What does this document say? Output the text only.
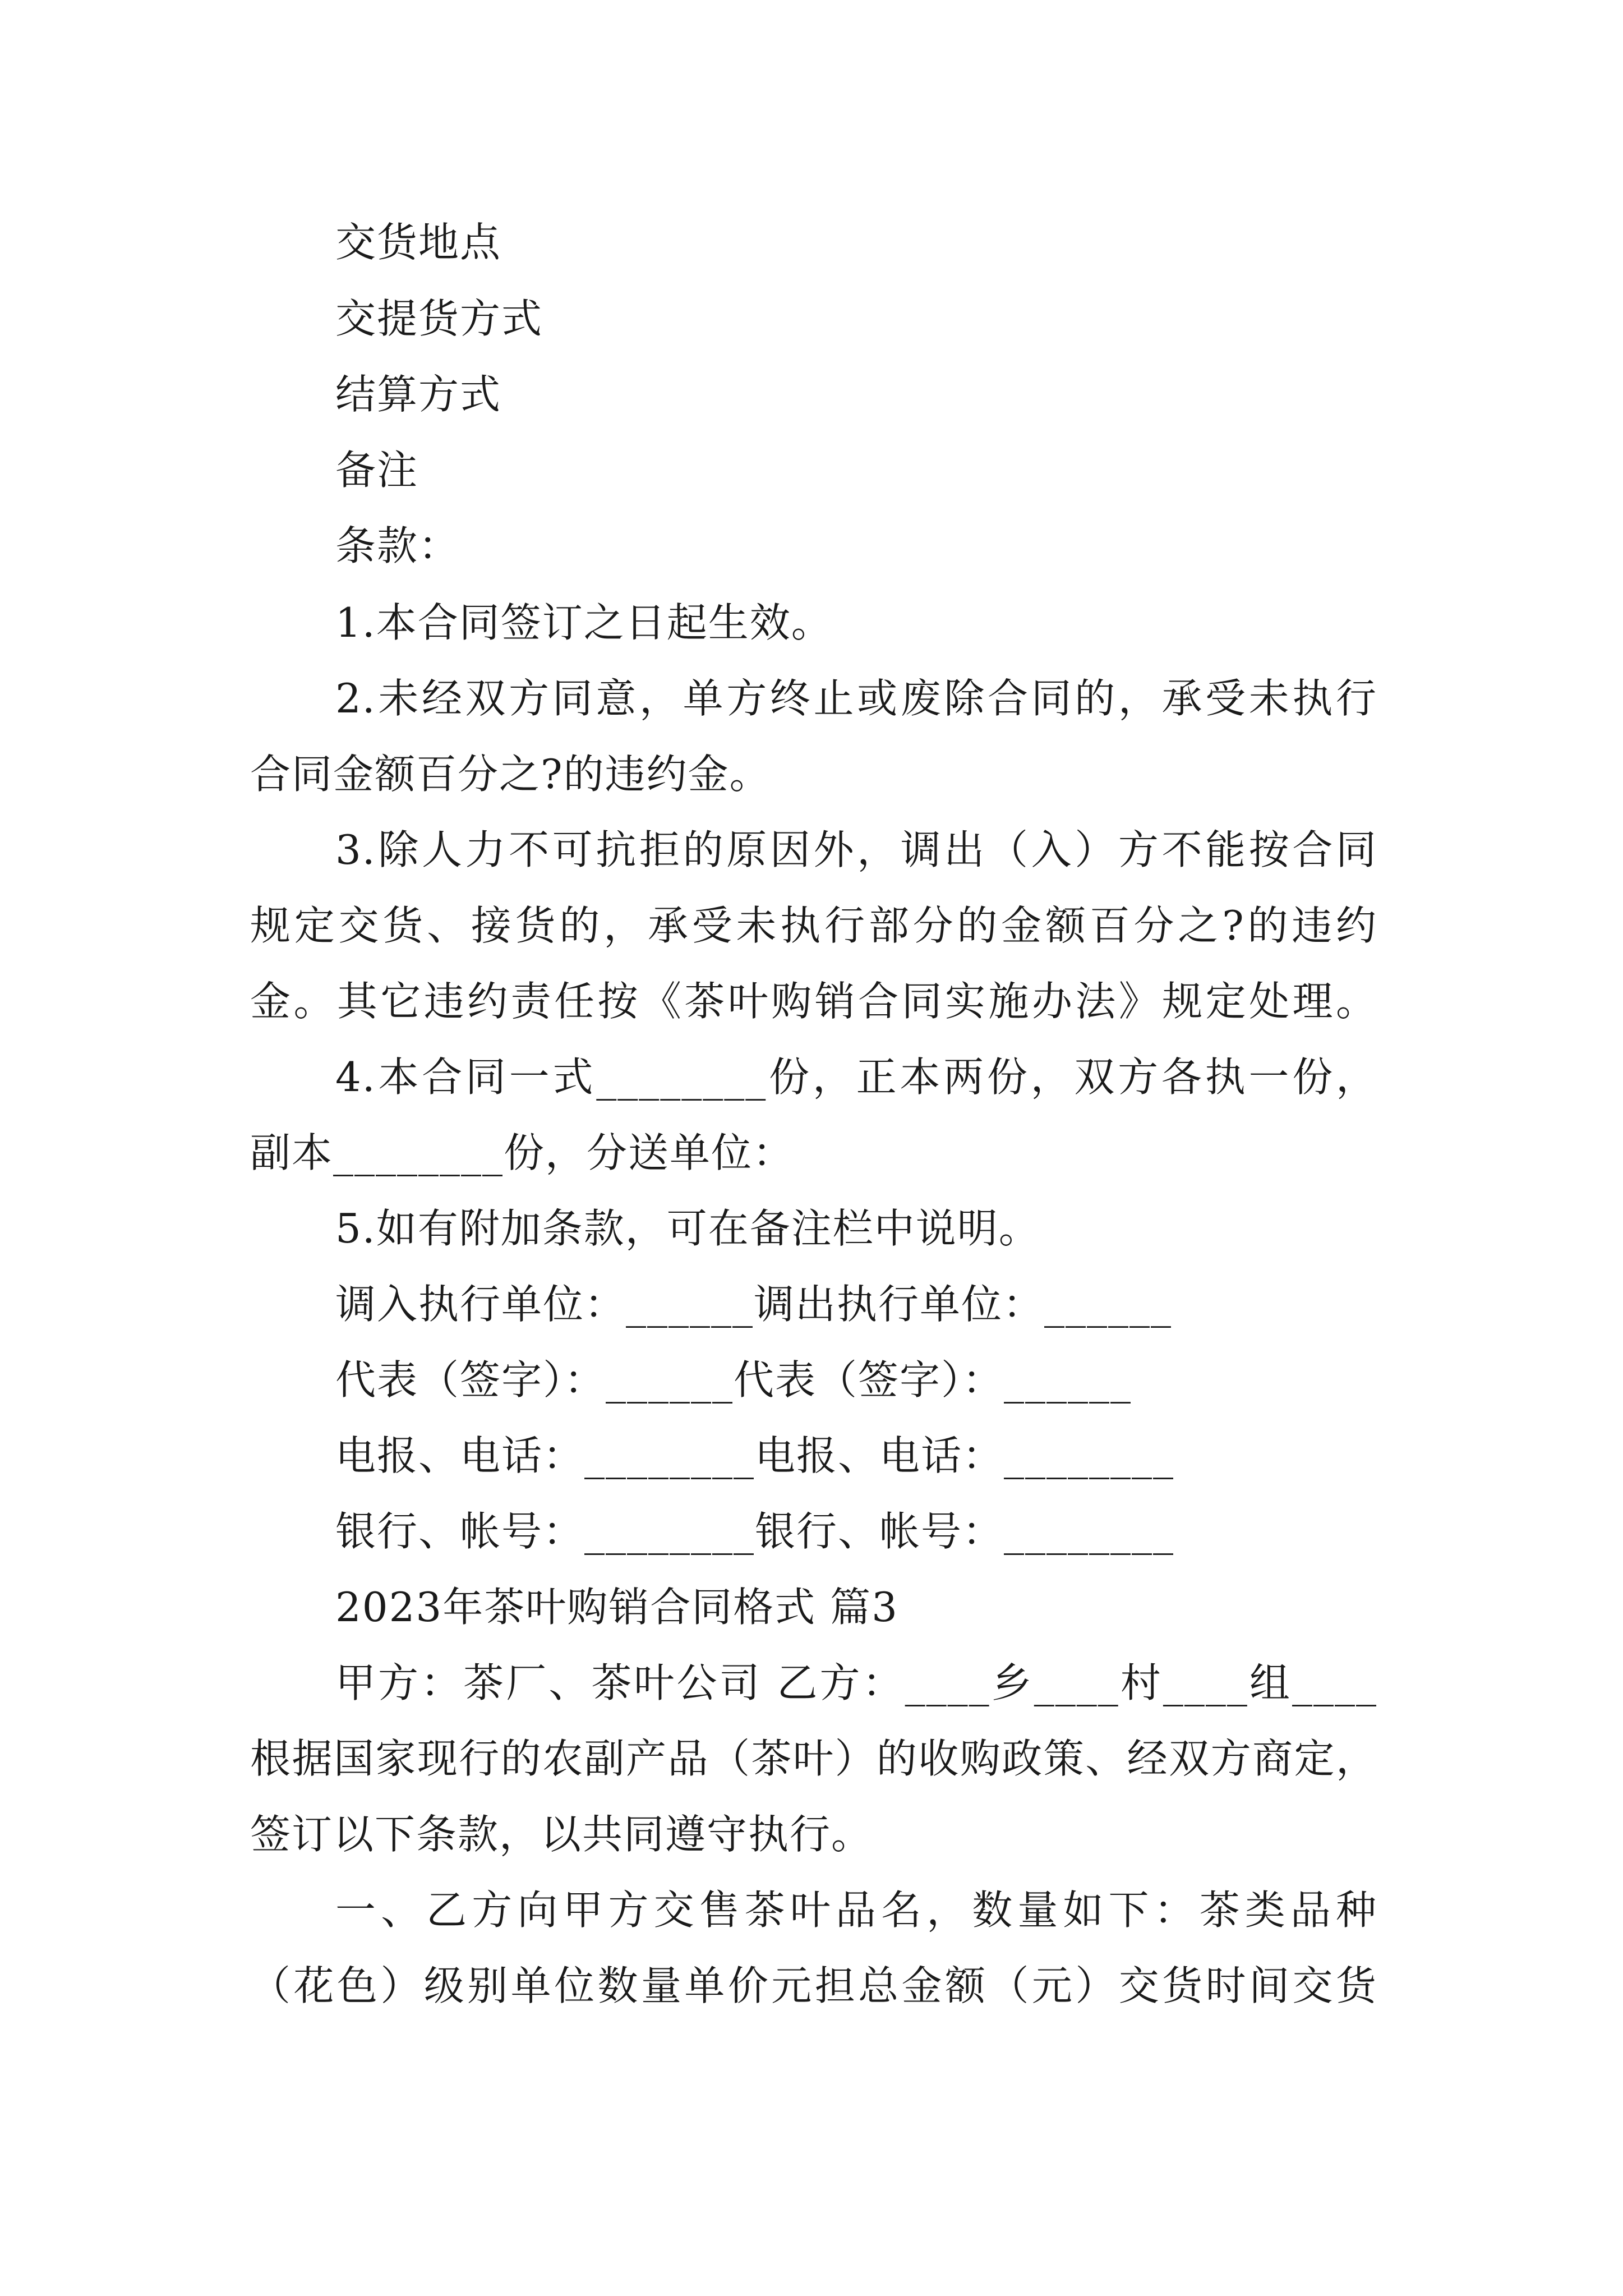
交货地点
交提货方式
结算方式
备注
条款：
1.本合同签订之日起生效。
2.未经双方同意，单方终止或废除合同的，承受未执行
合同金额百分之?的违约金。
3.除人力不可抗拒的原因外，调出（入）方不能按合同
规定交货、接货的，承受未执行部分的金额百分之?的违约
金。其它违约责任按《茶叶购销合同实施办法》规定处理。
4.本合同一式________份，正本两份，双方各执一份，
副本________份，分送单位：
5.如有附加条款，可在备注栏中说明。
调入执行单位：______调出执行单位：______
代表（签字）：______代表（签字）：______
电报、电话：________电报、电话：________
银行、帐号：________银行、帐号：________
2023年茶叶购销合同格式 篇3
甲方：茶厂、茶叶公司 乙方：____乡____村____组____
根据国家现行的农副产品（茶叶）的收购政策、经双方商定，
签订以下条款，以共同遵守执行。
一、乙方向甲方交售茶叶品名，数量如下：茶类品种
（花色）级别单位数量单价元担总金额（元）交货时间交货
